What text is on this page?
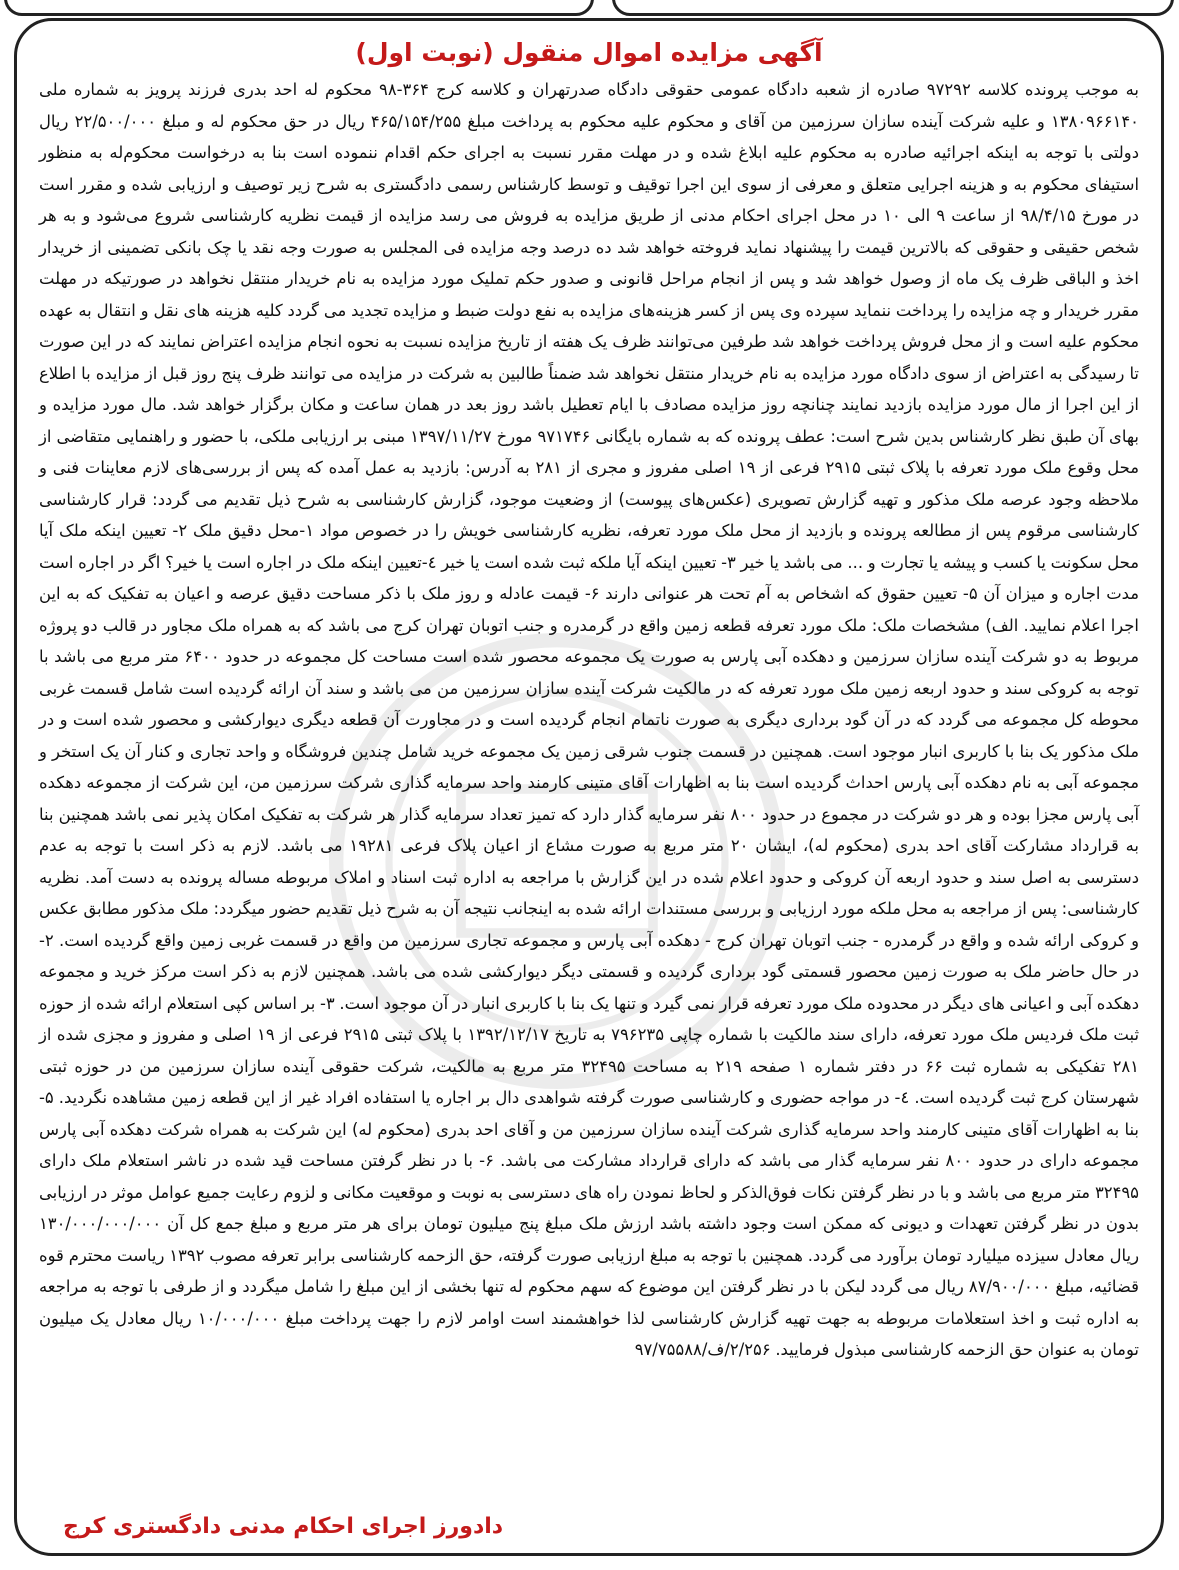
آگهی مزایده اموال منقول (نوبت اول)

به موجب پرونده کلاسه ۹۷۲۹۲ صادره از شعبه دادگاه عمومی حقوقی دادگاه صدرتهران و کلاسه کرج ۳۶۴-۹۸ محکوم له احد بدری فرزند پرویز به شماره ملی ۱۳۸۰۹۶۶۱۴۰ و علیه شرکت آینده سازان سرزمین من آقای و محکوم علیه محکوم به پرداخت مبلغ ۴۶۵/۱۵۴/۲۵۵ ریال در حق محکوم له و مبلغ ۲۲/۵۰۰/۰۰۰ ریال دولتی با توجه به اینکه اجرائیه صادره به محکوم علیه ابلاغ شده و در مهلت مقرر نسبت به اجرای حکم اقدام ننموده است بنا به درخواست محکوم‌له به منظور استیفای محکوم به و هزینه اجرایی متعلق و معرفی از سوی این اجرا توقیف و توسط کارشناس رسمی دادگستری به شرح زیر توصیف و ارزیابی شده و مقرر است در مورخ ۹۸/۴/۱۵ از ساعت ۹ الی ۱۰ در محل اجرای احکام مدنی از طریق مزایده به فروش می رسد مزایده از قیمت نظریه کارشناسی شروع می‌شود و به هر شخص حقیقی و حقوقی که بالاترین قیمت را پیشنهاد نماید فروخته خواهد شد ده درصد وجه مزایده فی المجلس به صورت وجه نقد یا چک بانکی تضمینی از خریدار اخذ و الباقی ظرف یک ماه از وصول خواهد شد و پس از انجام مراحل قانونی و صدور حکم تملیک مورد مزایده به نام خریدار منتقل نخواهد در صورتیکه در مهلت مقرر خریدار و چه مزایده را پرداخت ننماید سپرده وی پس از کسر هزینه‌های مزایده به نفع دولت ضبط و مزایده تجدید می گردد کلیه هزینه های نقل و انتقال به عهده محکوم علیه است و از محل فروش پرداخت خواهد شد طرفین می‌توانند ظرف یک هفته از تاریخ مزایده نسبت به نحوه انجام مزایده اعتراض نمایند که در این صورت تا رسیدگی به اعتراض از سوی دادگاه مورد مزایده به نام خریدار منتقل نخواهد شد ضمناً طالبین به شرکت در مزایده می توانند ظرف پنج روز قبل از مزایده با اطلاع از این اجرا از مال مورد مزایده بازدید نمایند چنانچه روز مزایده مصادف با ایام تعطیل باشد روز بعد در همان ساعت و مکان برگزار خواهد شد. مال مورد مزایده و بهای آن طبق نظر کارشناس بدین شرح است: عطف پرونده که به شماره بایگانی ۹۷۱۷۴۶ مورخ ۱۳۹۷/۱۱/۲۷ مبنی بر ارزیابی ملکی، با حضور و راهنمایی متقاضی از محل وقوع ملک مورد تعرفه با پلاک ثبتی ۲۹۱۵ فرعی از ۱۹ اصلی مفروز و مجری از ۲۸۱ به آدرس: بازدید به عمل آمده که پس از بررسی‌های لازم معاینات فنی و ملاحظه وجود عرصه ملک مذکور و تهیه گزارش تصویری (عکس‌های پیوست) از وضعیت موجود، گزارش کارشناسی به شرح ذیل تقدیم می گردد: قرار کارشناسی کارشناسی مرقوم پس از مطالعه پرونده و بازدید از محل ملک مورد تعرفه، نظریه کارشناسی خویش را در خصوص مواد ۱-محل دقیق ملک ۲- تعیین اینکه ملک آیا محل سکونت یا کسب و پیشه یا تجارت و ... می باشد یا خیر ۳- تعیین اینکه آیا ملکه ثبت شده است یا خیر ٤-تعیین اینکه ملک در اجاره است یا خیر؟ اگر در اجاره است مدت اجاره و میزان آن ۵- تعیین حقوق که اشخاص به آم تحت هر عنوانی دارند ۶- قیمت عادله و روز ملک با ذکر مساحت دقیق عرصه و اعیان به تفکیک که به این اجرا اعلام نمایید. الف) مشخصات ملک: ملک مورد تعرفه قطعه زمین واقع در گرمدره و جنب اتوبان تهران کرج می باشد که به همراه ملک مجاور در قالب دو پروژه مربوط به دو شرکت آینده سازان سرزمین و دهکده آبی پارس به صورت یک مجموعه محصور شده است مساحت کل مجموعه در حدود ۶۴۰۰ متر مربع می باشد با توجه به کروکی سند و حدود اربعه زمین ملک مورد تعرفه که در مالکیت شرکت آینده سازان سرزمین من می باشد و سند آن ارائه گردیده است شامل قسمت غربی محوطه کل مجموعه می گردد که در آن گود برداری دیگری به صورت ناتمام انجام گردیده است و در مجاورت آن قطعه دیگری دیوارکشی و محصور شده است و در ملک مذکور یک بنا با کاربری انبار موجود است. همچنین در قسمت جنوب شرقی زمین یک مجموعه خرید شامل چندین فروشگاه و واحد تجاری و کنار آن یک استخر و مجموعه آبی به نام دهکده آبی پارس احداث گردیده است بنا به اظهارات آقای متینی کارمند واحد سرمایه گذاری شرکت سرزمین من، این شرکت از مجموعه دهکده آبی پارس مجزا بوده و هر دو شرکت در مجموع در حدود ۸۰۰ نفر سرمایه گذار دارد که تمیز تعداد سرمایه گذار هر شرکت به تفکیک امکان پذیر نمی باشد همچنین بنا به قرارداد مشارکت آقای احد بدری (محکوم له)، ایشان ۲۰ متر مربع به صورت مشاع از اعیان پلاک فرعی ۱۹۲۸۱ می باشد. لازم به ذکر است با توجه به عدم دسترسی به اصل سند و حدود اربعه آن کروکی و حدود اعلام شده در این گزارش با مراجعه به اداره ثبت اسناد و املاک مربوطه مساله پرونده به دست آمد. نظریه کارشناسی: پس از مراجعه به محل ملکه مورد ارزیابی و بررسی مستندات ارائه شده به اینجانب نتیجه آن به شرح ذیل تقدیم حضور میگردد: ملک مذکور مطابق عکس و کروکی ارائه شده و واقع در گرمدره - جنب اتوبان تهران کرج - دهکده آبی پارس و مجموعه تجاری سرزمین من واقع در قسمت غربی زمین واقع گردیده است. ۲- در حال حاضر ملک به صورت زمین محصور قسمتی گود برداری گردیده و قسمتی دیگر دیوارکشی شده می باشد. همچنین لازم به ذکر است مرکز خرید و مجموعه دهکده آبی و اعیانی های دیگر در محدوده ملک مورد تعرفه قرار نمی گیرد و تنها یک بنا با کاربری انبار در آن موجود است. ۳- بر اساس کپی استعلام ارائه شده از حوزه ثبت ملک فردیس ملک مورد تعرفه، دارای سند مالکیت با شماره چاپی ۷۹۶۲۳۵ به تاریخ ۱۳۹۲/۱۲/۱۷ با پلاک ثبتی ۲۹۱۵ فرعی از ۱۹ اصلی و مفروز و مجزی شده از ۲۸۱ تفکیکی به شماره ثبت ۶۶ در دفتر شماره ۱ صفحه ۲۱۹ به مساحت ۳۲۴۹۵ متر مربع به مالکیت، شرکت حقوقی آینده سازان سرزمین من در حوزه ثبتی شهرستان کرج ثبت گردیده است. ٤- در مواجه حضوری و کارشناسی صورت گرفته شواهدی دال بر اجاره یا استفاده افراد غیر از این قطعه زمین مشاهده نگردید. ۵- بنا به اظهارات آقای متینی کارمند واحد سرمایه گذاری شرکت آینده سازان سرزمین من و آقای احد بدری (محکوم له) این شرکت به همراه شرکت دهکده آبی پارس مجموعه دارای در حدود ۸۰۰ نفر سرمایه گذار می باشد که دارای قرارداد مشارکت می باشد. ۶- با در نظر گرفتن مساحت قید شده در ناشر استعلام ملک دارای ۳۲۴۹۵ متر مربع می باشد و با در نظر گرفتن نکات فوق‌الذکر و لحاظ نمودن راه های دسترسی به نوبت و موقعیت مکانی و لزوم رعایت جمیع عوامل موثر در ارزیابی بدون در نظر گرفتن تعهدات و دیونی که ممکن است وجود داشته باشد ارزش ملک مبلغ پنج میلیون تومان برای هر متر مربع و مبلغ جمع کل آن ۱۳۰/۰۰۰/۰۰۰/۰۰۰ ریال معادل سیزده میلیارد تومان برآورد می گردد. همچنین با توجه به مبلغ ارزیابی صورت گرفته، حق الزحمه کارشناسی برابر تعرفه مصوب ۱۳۹۲ ریاست محترم قوه قضائیه، مبلغ ۸۷/۹۰۰/۰۰۰ ریال می گردد لیکن با در نظر گرفتن این موضوع که سهم محکوم له تنها بخشی از این مبلغ را شامل میگردد و از طرفی با توجه به مراجعه به اداره ثبت و اخذ استعلامات مربوطه به جهت تهیه گزارش کارشناسی لذا خواهشمند است اوامر لازم را جهت پرداخت مبلغ ۱۰/۰۰۰/۰۰۰ ریال معادل یک میلیون تومان به عنوان حق الزحمه کارشناسی مبذول فرمایید. ۲/۲۵۶/ف/۹۷/۷۵۵۸۸

دادورز اجرای احکام مدنی دادگستری کرج
